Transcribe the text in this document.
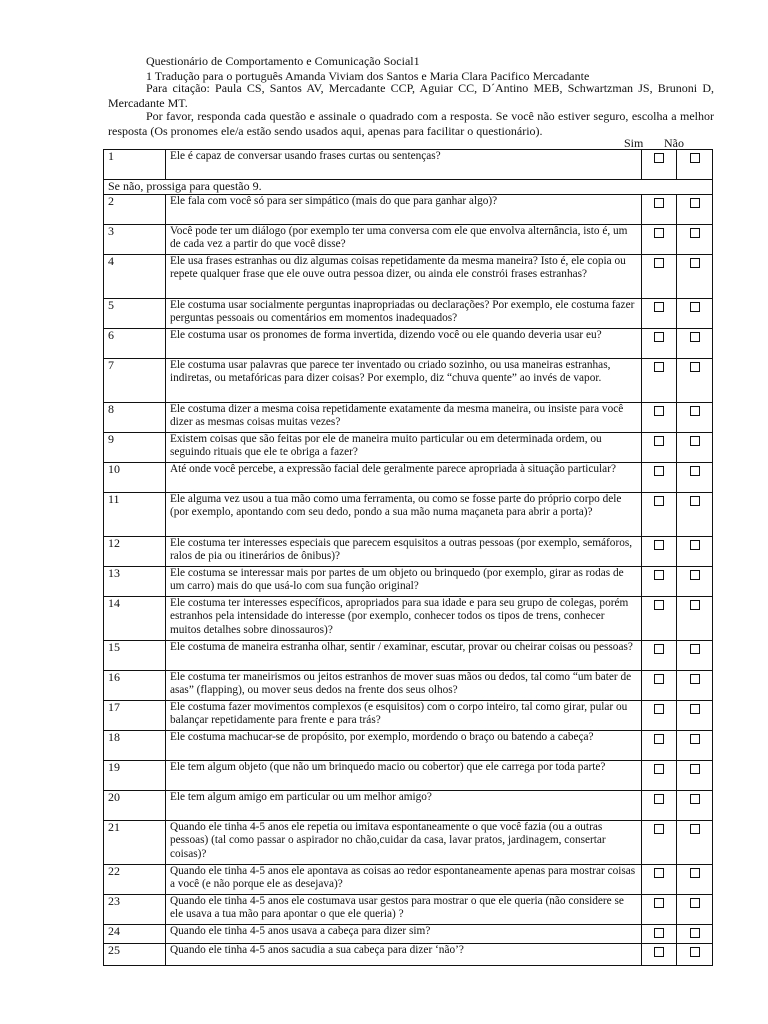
Questionário de Comportamento e Comunicação Social1
1 Tradução para o português Amanda Viviam dos Santos e Maria Clara Pacifico Mercadante
Para citação: Paula CS, Santos AV, Mercadante CCP, Aguiar CC, D´Antino MEB, Schwartzman JS, Brunoni D, Mercadante MT.
Por favor, responda cada questão e assinale o quadrado com a resposta. Se você não estiver seguro, escolha a melhor resposta (Os pronomes ele/a estão sendo usados aqui, apenas para facilitar o questionário).
Sim Não
1	Ele é capaz de conversar usando frases curtas ou sentenças?		
Se não, prossiga para questão 9.			
2	Ele fala com você só para ser simpático (mais do que para ganhar algo)?		
3	Você pode ter um diálogo (por exemplo ter uma conversa com ele que envolva alternância, isto é, um de cada vez a partir do que você disse?		
4	Ele usa frases estranhas ou diz algumas coisas repetidamente da mesma maneira? Isto é, ele copia ou repete qualquer frase que ele ouve outra pessoa dizer, ou ainda ele constrói frases estranhas?		
5	Ele costuma usar socialmente perguntas inapropriadas ou declarações? Por exemplo, ele costuma fazer perguntas pessoais ou comentários em momentos inadequados?		
6	Ele costuma usar os pronomes de forma invertida, dizendo você ou ele quando deveria usar eu?		
7	Ele costuma usar palavras que parece ter inventado ou criado sozinho, ou usa maneiras estranhas, indiretas, ou metafóricas para dizer coisas? Por exemplo, diz “chuva quente” ao invés de vapor.		
8	Ele costuma dizer a mesma coisa repetidamente exatamente da mesma maneira, ou insiste para você dizer as mesmas coisas muitas vezes?		
9	Existem coisas que são feitas por ele de maneira muito particular ou em determinada ordem, ou seguindo rituais que ele te obriga a fazer?		
10	Até onde você percebe, a expressão facial dele geralmente parece apropriada à situação particular?		
11	Ele alguma vez usou a tua mão como uma ferramenta, ou como se fosse parte do próprio corpo dele (por exemplo, apontando com seu dedo, pondo a sua mão numa maçaneta para abrir a porta)?		
12	Ele costuma ter interesses especiais que parecem esquisitos a outras pessoas (por exemplo, semáforos, ralos de pia ou itinerários de ônibus)?		
13	Ele costuma se interessar mais por partes de um objeto ou brinquedo (por exemplo, girar as rodas de um carro) mais do que usá-lo com sua função original?		
14	Ele costuma ter interesses específicos, apropriados para sua idade e para seu grupo de colegas, porém estranhos pela intensidade do interesse (por exemplo, conhecer todos os tipos de trens, conhecer muitos detalhes sobre dinossauros)?		
15	Ele costuma de maneira estranha olhar, sentir / examinar, escutar, provar ou cheirar coisas ou pessoas?		
16	Ele costuma ter maneirismos ou jeitos estranhos de mover suas mãos ou dedos, tal como “um bater de asas” (flapping), ou mover seus dedos na frente dos seus olhos?		
17	Ele costuma fazer movimentos complexos (e esquisitos) com o corpo inteiro, tal como girar, pular ou balançar repetidamente para frente e para trás?		
18	Ele costuma machucar-se de propósito, por exemplo, mordendo o braço ou batendo a cabeça?		
19	Ele tem algum objeto (que não um brinquedo macio ou cobertor) que ele carrega por toda parte?		
20	Ele tem algum amigo em particular ou um melhor amigo?		
21	Quando ele tinha 4-5 anos ele repetia ou imitava espontaneamente o que você fazia (ou a outras pessoas) (tal como passar o aspirador no chão,cuidar da casa, lavar pratos, jardinagem, consertar coisas)?		
22	Quando ele tinha 4-5 anos ele apontava as coisas ao redor espontaneamente apenas para mostrar coisas a você (e não porque ele as desejava)?		
23	Quando ele tinha 4-5 anos ele costumava usar gestos para mostrar o que ele queria (não considere se ele usava a tua mão para apontar o que ele queria) ?		
24	Quando ele tinha 4-5 anos usava a cabeça para dizer sim?		
25	Quando ele tinha 4-5 anos sacudia a sua cabeça para dizer ‘não’?		
